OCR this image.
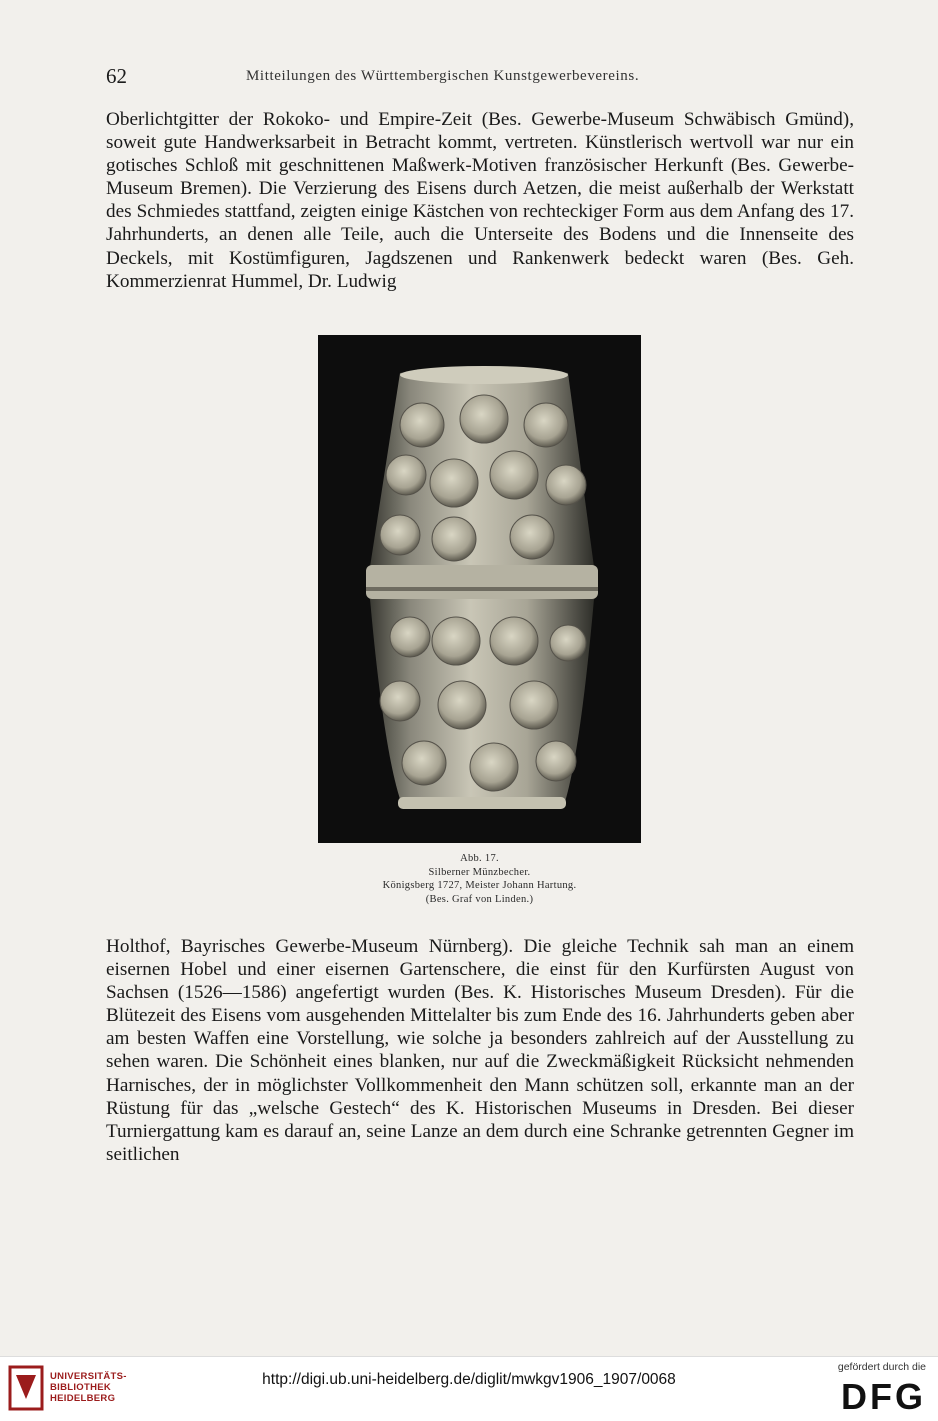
62	Mitteilungen des Württembergischen Kunstgewerbevereins.

Oberlichtgitter der Rokoko- und Empire-Zeit (Bes. Gewerbe-Museum Schwäbisch Gmünd), soweit gute Handwerksarbeit in Betracht kommt, vertreten. Künstlerisch wertvoll war nur ein gotisches Schloß mit geschnittenen Maßwerk-Motiven französischer Herkunft (Bes. Gewerbe-Museum Bremen). Die Verzierung des Eisens durch Aetzen, die meist außerhalb der Werkstatt des Schmiedes stattfand, zeigten einige Kästchen von rechteckiger Form aus dem Anfang des 17. Jahrhunderts, an denen alle Teile, auch die Unterseite des Bodens und die Innenseite des Deckels, mit Kostümfiguren, Jagdszenen und Rankenwerk bedeckt waren (Bes. Geh. Kommerzienrat Hummel, Dr. Ludwig

Abb. 17.
Silberner Münzbecher.
Königsberg 1727, Meister Johann Hartung.
(Bes. Graf von Linden.)

Holthof, Bayrisches Gewerbe-Museum Nürnberg). Die gleiche Technik sah man an einem eisernen Hobel und einer eisernen Gartenschere, die einst für den Kurfürsten August von Sachsen (1526—1586) angefertigt wurden (Bes. K. Historisches Museum Dresden). Für die Blütezeit des Eisens vom ausgehenden Mittelalter bis zum Ende des 16. Jahrhunderts geben aber am besten Waffen eine Vorstellung, wie solche ja besonders zahlreich auf der Ausstellung zu sehen waren. Die Schönheit eines blanken, nur auf die Zweckmäßigkeit Rücksicht nehmenden Harnisches, der in möglichster Vollkommenheit den Mann schützen soll, erkannte man an der Rüstung für das „welsche Gestech“ des K. Historischen Museums in Dresden. Bei dieser Turniergattung kam es darauf an, seine Lanze an dem durch eine Schranke getrennten Gegner im seitlichen

UNIVERSITÄTS-
BIBLIOTHEK
HEIDELBERG
http://digi.ub.uni-heidelberg.de/diglit/mwkgv1906_1907/0068
gefördert durch die
DFG
